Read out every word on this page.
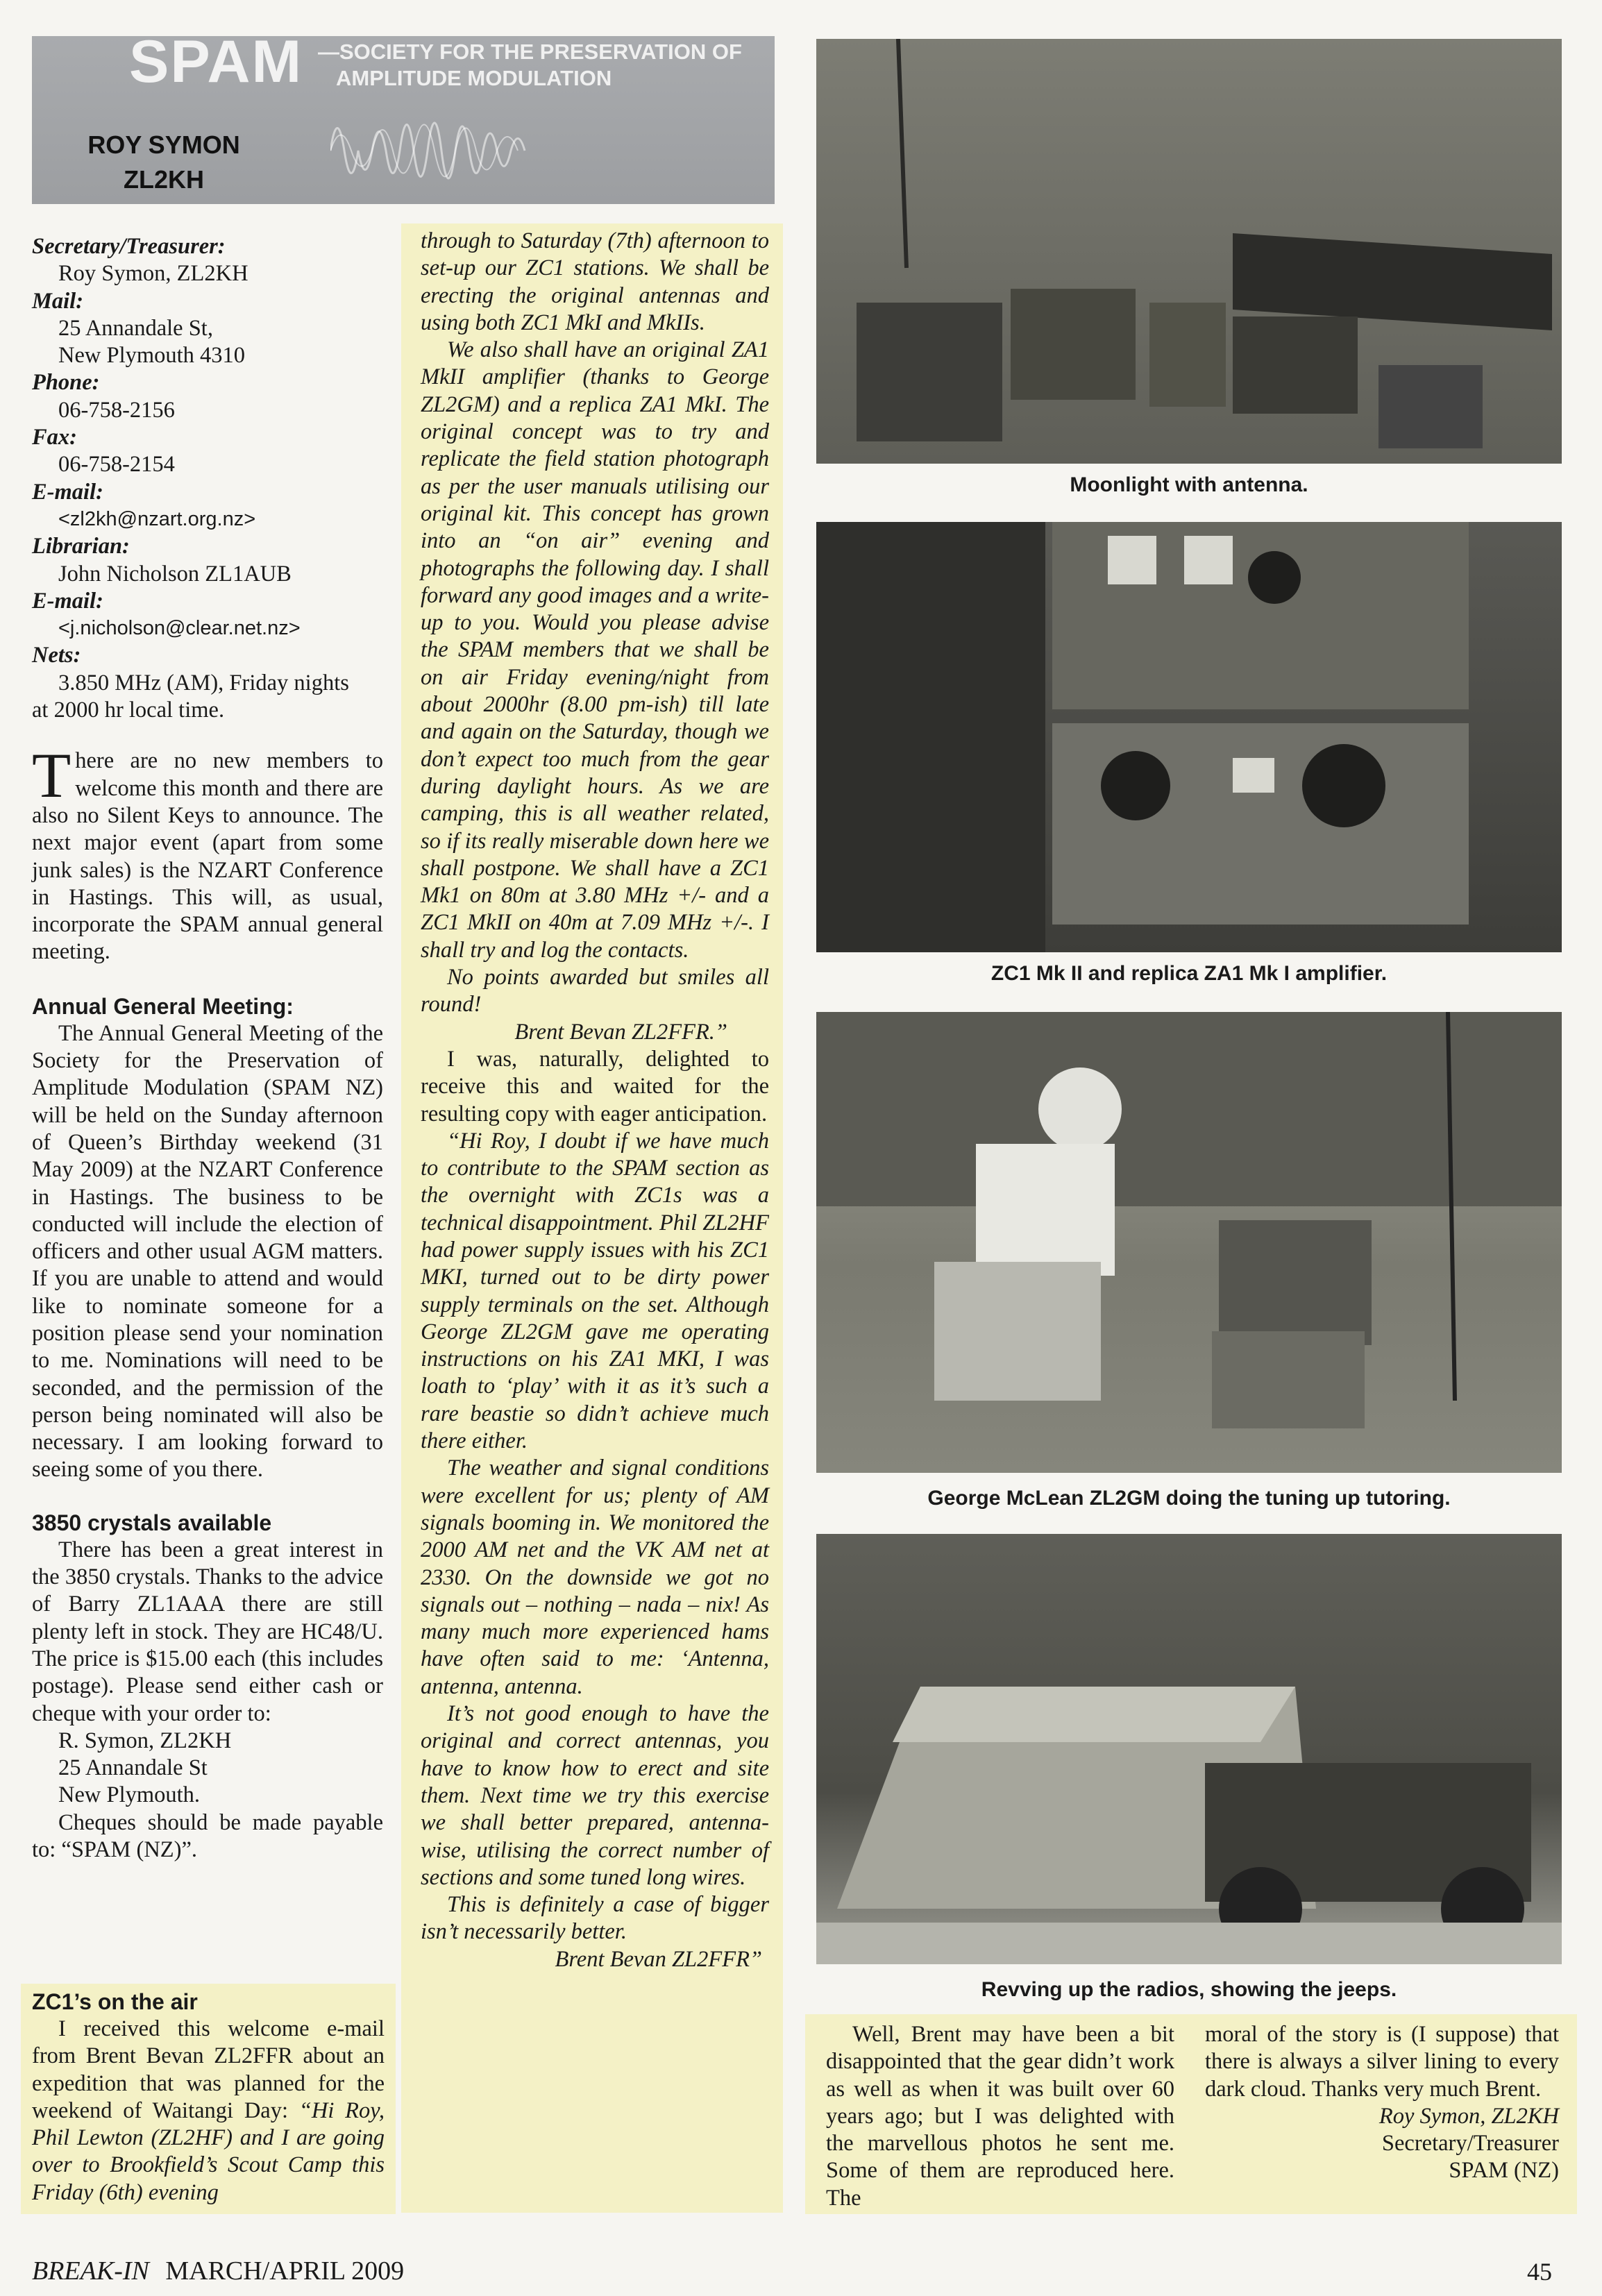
SPAM —SOCIETY FOR THE PRESERVATION OF
AMPLITUDE MODULATION
ROY SYMON
ZL2KH
Secretary/Treasurer:
Roy Symon, ZL2KH
Mail:
25 Annandale St,
New Plymouth 4310
Phone:
06-758-2156
Fax:
06-758-2154
E-mail:
<zl2kh@nzart.org.nz>
Librarian:
John Nicholson ZL1AUB
E-mail:
<j.nicholson@clear.net.nz>
Nets:
3.850 MHz (AM), Friday nights
at 2000 hr local time.

There are no new members to welcome this month and there are also no Silent Keys to announce. The next major event (apart from some junk sales) is the NZART Conference in Hastings. This will, as usual, incorporate the SPAM annual general meeting.

Annual General Meeting:

The Annual General Meeting of the Society for the Preservation of Amplitude Modulation (SPAM NZ) will be held on the Sunday afternoon of Queen’s Birthday weekend (31 May 2009) at the NZART Conference in Hastings. The business to be conducted will include the election of officers and other usual AGM matters. If you are unable to attend and would like to nominate someone for a position please send your nomination to me. Nominations will need to be seconded, and the permission of the person being nominated will also be necessary. I am looking forward to seeing some of you there.

3850 crystals available

There has been a great interest in the 3850 crystals. Thanks to the advice of Barry ZL1AAA there are still plenty left in stock. They are HC48/U. The price is $15.00 each (this includes postage). Please send either cash or cheque with your order to:

R. Symon, ZL2KH
25 Annandale St
New Plymouth.

Cheques should be made payable to: “SPAM (NZ)”.

ZC1’s on the air

I received this welcome e-mail from Brent Bevan ZL2FFR about an expedition that was planned for the weekend of Waitangi Day: “Hi Roy, Phil Lewton (ZL2HF) and I are going over to Brookfield’s Scout Camp this Friday (6th) evening

through to Saturday (7th) afternoon to set-up our ZC1 stations. We shall be erecting the original antennas and using both ZC1 MkI and MkIIs.

We also shall have an original ZA1 MkII amplifier (thanks to George ZL2GM) and a replica ZA1 MkI. The original concept was to try and replicate the field station photograph as per the user manuals utilising our original kit. This concept has grown into an “on air” evening and photographs the following day. I shall forward any good images and a write-up to you. Would you please advise the SPAM members that we shall be on air Friday evening/night from about 2000hr (8.00 pm-ish) till late and again on the Saturday, though we don’t expect too much from the gear during daylight hours. As we are camping, this is all weather related, so if its really miserable down here we shall postpone. We shall have a ZC1 Mk1 on 80m at 3.80 MHz +/- and a ZC1 MkII on 40m at 7.09 MHz +/-. I shall try and log the contacts.

No points awarded but smiles all round!

Brent Bevan ZL2FFR.”

I was, naturally, delighted to receive this and waited for the resulting copy with eager anticipation.

“Hi Roy, I doubt if we have much to contribute to the SPAM section as the overnight with ZC1s was a technical disappointment. Phil ZL2HF had power supply issues with his ZC1 MKI, turned out to be dirty power supply terminals on the set. Although George ZL2GM gave me operating instructions on his ZA1 MKI, I was loath to ‘play’ with it as it’s such a rare beastie so didn’t achieve much there either.

The weather and signal conditions were excellent for us; plenty of AM signals booming in. We monitored the 2000 AM net and the VK AM net at 2330. On the downside we got no signals out – nothing – nada – nix! As many much more experienced hams have often said to me: ‘Antenna, antenna, antenna.

It’s not good enough to have the original and correct antennas, you have to know how to erect and site them. Next time we try this exercise we shall better prepared, antenna-wise, utilising the correct number of sections and some tuned long wires.

This is definitely a case of bigger isn’t necessarily better.

Brent Bevan ZL2FFR”

Moonlight with antenna.
ZC1 Mk II and replica ZA1 Mk I amplifier.
George McLean ZL2GM doing the tuning up tutoring.
Revving up the radios, showing the jeeps.

Well, Brent may have been a bit disappointed that the gear didn’t work as well as when it was built over 60 years ago; but I was delighted with the marvellous photos he sent me. Some of them are reproduced here. The

moral of the story is (I suppose) that there is always a silver lining to every dark cloud. Thanks very much Brent.

Roy Symon, ZL2KH

Secretary/Treasurer

SPAM (NZ)

BREAK-IN MARCH/APRIL 2009	45
